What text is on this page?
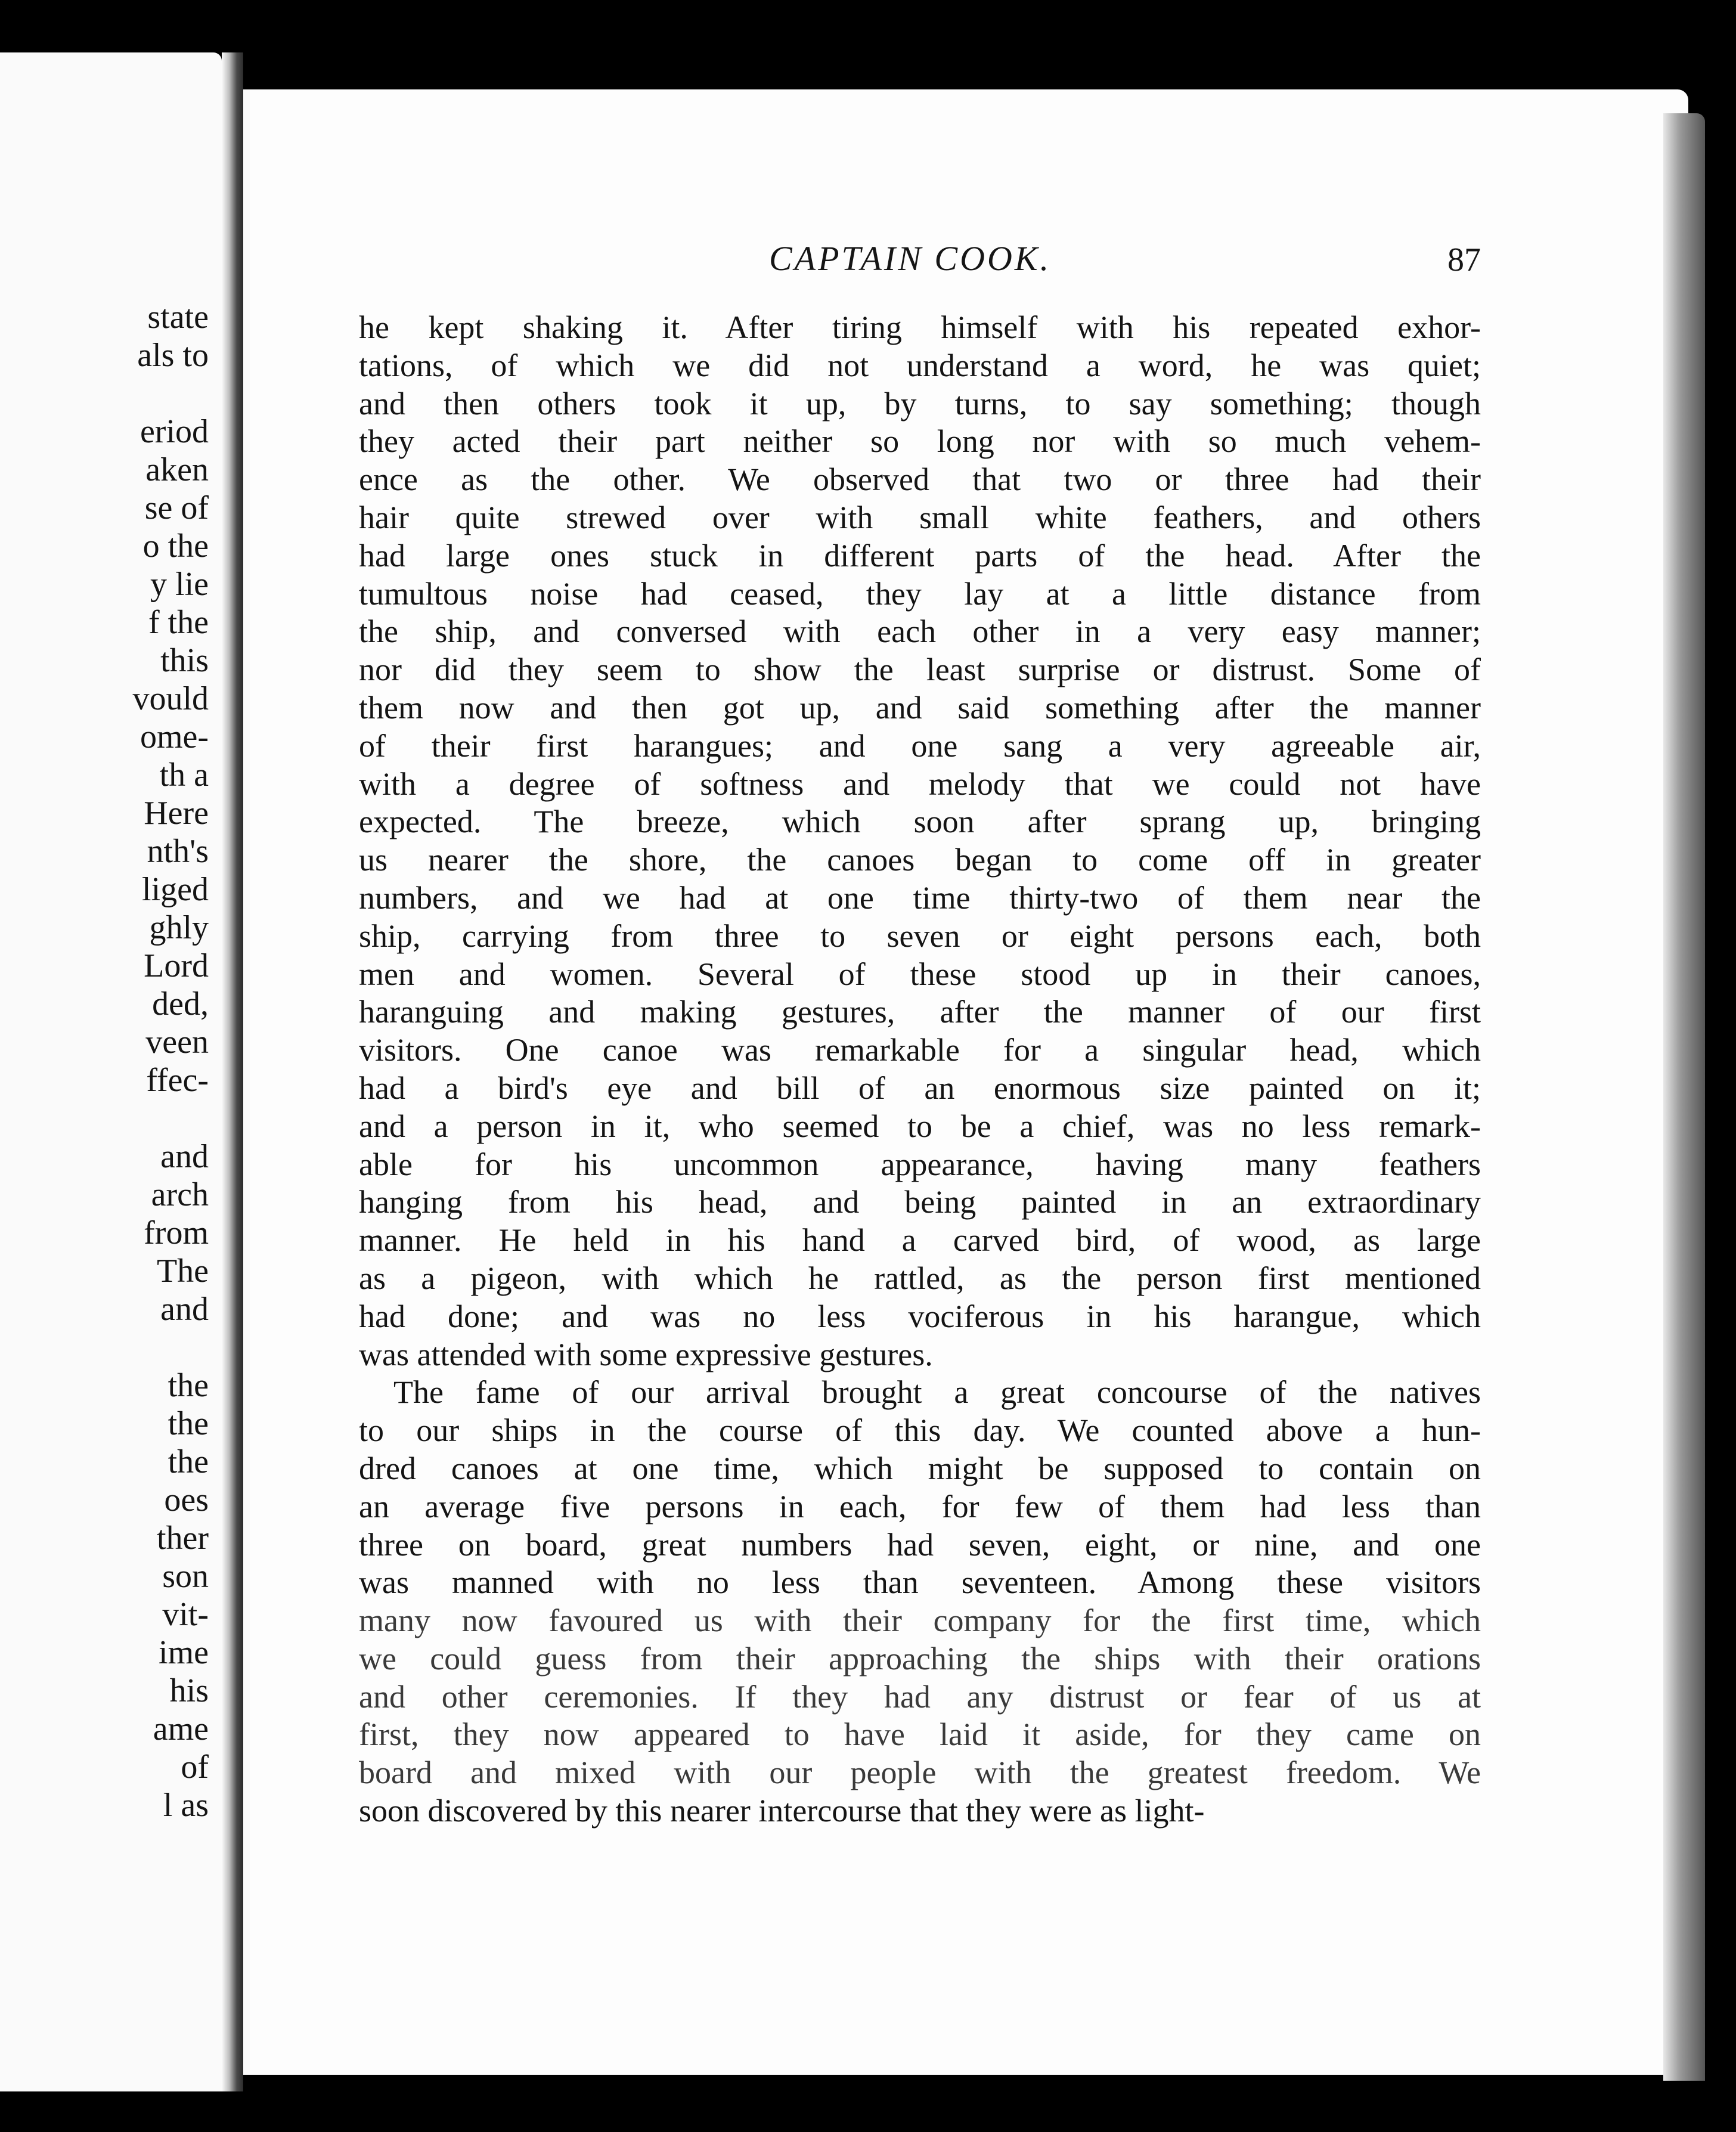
state
als to
eriod
aken
se of
o the
y lie
f the
this
vould
ome-
th a
Here
nth's
liged
ghly
Lord
ded,
veen
ffec-
and
arch
from
The
and
the
the
the
oes
ther
son
vit-
ime
his
ame
of
l as
CAPTAIN COOK.	87
he kept shaking it. After tiring himself with his repeated exhor-
tations, of which we did not understand a word, he was quiet;
and then others took it up, by turns, to say something; though
they acted their part neither so long nor with so much vehem-
ence as the other. We observed that two or three had their
hair quite strewed over with small white feathers, and others
had large ones stuck in different parts of the head. After the
tumultous noise had ceased, they lay at a little distance from
the ship, and conversed with each other in a very easy manner;
nor did they seem to show the least surprise or distrust. Some of
them now and then got up, and said something after the manner
of their first harangues; and one sang a very agreeable air,
with a degree of softness and melody that we could not have
expected. The breeze, which soon after sprang up, bringing
us nearer the shore, the canoes began to come off in greater
numbers, and we had at one time thirty-two of them near the
ship, carrying from three to seven or eight persons each, both
men and women. Several of these stood up in their canoes,
haranguing and making gestures, after the manner of our first
visitors. One canoe was remarkable for a singular head, which
had a bird's eye and bill of an enormous size painted on it;
and a person in it, who seemed to be a chief, was no less remark-
able for his uncommon appearance, having many feathers
hanging from his head, and being painted in an extraordinary
manner. He held in his hand a carved bird, of wood, as large
as a pigeon, with which he rattled, as the person first mentioned
had done; and was no less vociferous in his harangue, which
was attended with some expressive gestures.
The fame of our arrival brought a great concourse of the natives
to our ships in the course of this day. We counted above a hun-
dred canoes at one time, which might be supposed to contain on
an average five persons in each, for few of them had less than
three on board, great numbers had seven, eight, or nine, and one
was manned with no less than seventeen. Among these visitors
many now favoured us with their company for the first time, which
we could guess from their approaching the ships with their orations
and other ceremonies. If they had any distrust or fear of us at
first, they now appeared to have laid it aside, for they came on
board and mixed with our people with the greatest freedom. We
soon discovered by this nearer intercourse that they were as light-
